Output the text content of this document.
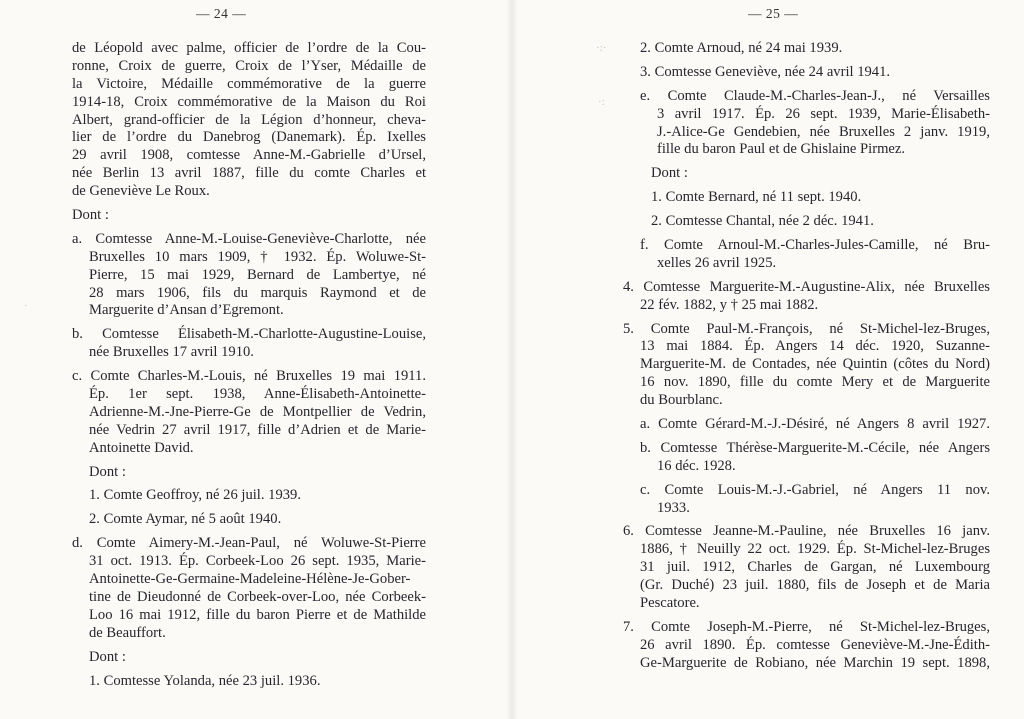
— 24 —
de Léopold avec palme, officier de l’ordre de la Cou-
ronne, Croix de guerre, Croix de l’Yser, Médaille de
la Victoire, Médaille commémorative de la guerre
1914-18, Croix commémorative de la Maison du Roi
Albert, grand-officier de la Légion d’honneur, cheva-
lier de l’ordre du Danebrog (Danemark). Ép. Ixelles
29 avril 1908, comtesse Anne-M.-Gabrielle d’Ursel,
née Berlin 13 avril 1887, fille du comte Charles et
de Geneviève Le Roux.
Dont :
a. Comtesse Anne-M.-Louise-Geneviève-Charlotte, née
Bruxelles 10 mars 1909, † 1932. Ép. Woluwe-St-
Pierre, 15 mai 1929, Bernard de Lambertye, né
28 mars 1906, fils du marquis Raymond et de
Marguerite d’Ansan d’Egremont.
b. Comtesse Élisabeth-M.-Charlotte-Augustine-Louise,
née Bruxelles 17 avril 1910.
c. Comte Charles-M.-Louis, né Bruxelles 19 mai 1911.
Ép. 1er sept. 1938, Anne-Élisabeth-Antoinette-
Adrienne-M.-Jne-Pierre-Ge de Montpellier de Vedrin,
née Vedrin 27 avril 1917, fille d’Adrien et de Marie-
Antoinette David.
Dont :
1. Comte Geoffroy, né 26 juil. 1939.
2. Comte Aymar, né 5 août 1940.
d. Comte Aimery-M.-Jean-Paul, né Woluwe-St-Pierre
31 oct. 1913. Ép. Corbeek-Loo 26 sept. 1935, Marie-
Antoinette-Ge-Germaine-Madeleine-Hélène-Je-Gober-
tine de Dieudonné de Corbeek-over-Loo, née Corbeek-
Loo 16 mai 1912, fille du baron Pierre et de Mathilde
de Beauffort.
Dont :
1. Comtesse Yolanda, née 23 juil. 1936.
— 25 —
2. Comte Arnoud, né 24 mai 1939.
3. Comtesse Geneviève, née 24 avril 1941.
e. Comte Claude-M.-Charles-Jean-J., né Versailles
3 avril 1917. Ép. 26 sept. 1939, Marie-Élisabeth-
J.-Alice-Ge Gendebien, née Bruxelles 2 janv. 1919,
fille du baron Paul et de Ghislaine Pirmez.
Dont :
1. Comte Bernard, né 11 sept. 1940.
2. Comtesse Chantal, née 2 déc. 1941.
f. Comte Arnoul-M.-Charles-Jules-Camille, né Bru-
xelles 26 avril 1925.
4. Comtesse Marguerite-M.-Augustine-Alix, née Bruxelles
22 fév. 1882, y † 25 mai 1882.
5. Comte Paul-M.-François, né St-Michel-lez-Bruges,
13 mai 1884. Ép. Angers 14 déc. 1920, Suzanne-
Marguerite-M. de Contades, née Quintin (côtes du Nord)
16 nov. 1890, fille du comte Mery et de Marguerite
du Bourblanc.
a. Comte Gérard-M.-J.-Désiré, né Angers 8 avril 1927.
b. Comtesse Thérèse-Marguerite-M.-Cécile, née Angers
16 déc. 1928.
c. Comte Louis-M.-J.-Gabriel, né Angers 11 nov.
1933.
6. Comtesse Jeanne-M.-Pauline, née Bruxelles 16 janv.
1886, † Neuilly 22 oct. 1929. Ép. St-Michel-lez-Bruges
31 juil. 1912, Charles de Gargan, né Luxembourg
(Gr. Duché) 23 juil. 1880, fils de Joseph et de Maria
Pescatore.
7. Comte Joseph-M.-Pierre, né St-Michel-lez-Bruges,
26 avril 1890. Ép. comtesse Geneviève-M.-Jne-Édith-
Ge-Marguerite de Robiano, née Marchin 19 sept. 1898,
·:·
·:
·
